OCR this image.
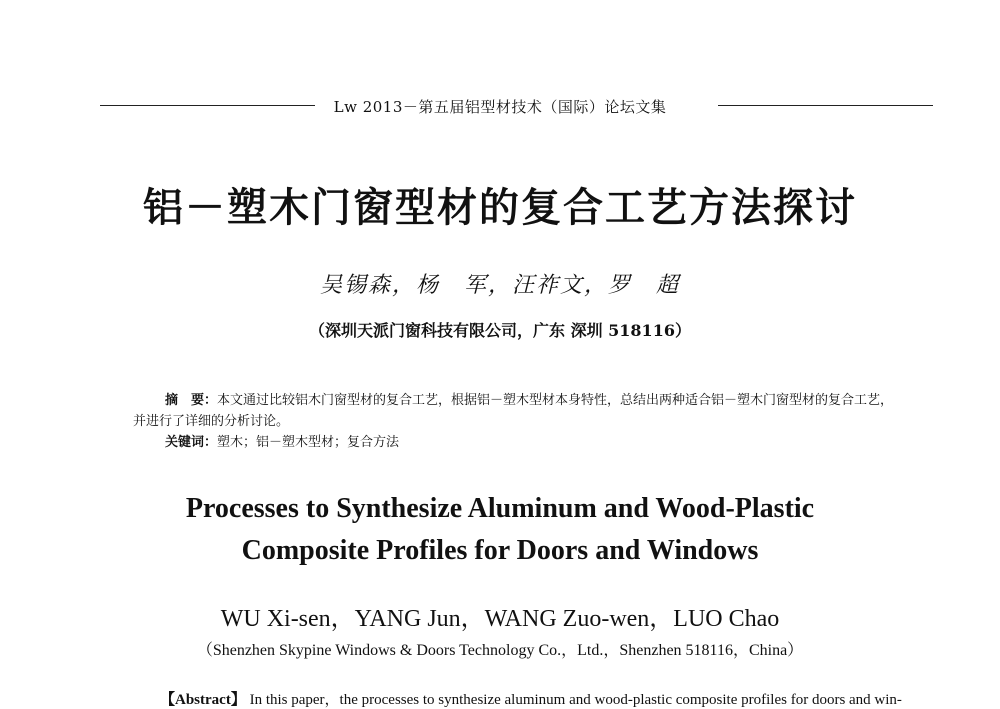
Lw 2013－第五届铝型材技术（国际）论坛文集
铝－塑木门窗型材的复合工艺方法探讨
吴锡森，杨　军，汪祚文，罗　超
（深圳天派门窗科技有限公司，广东 深圳 518116）

摘　要：本文通过比较铝木门窗型材的复合工艺，根据铝－塑木型材本身特性，总结出两种适合铝－塑木门窗型材的复合工艺，并进行了详细的分析讨论。

关键词：塑木；铝－塑木型材；复合方法

Processes to Synthesize Aluminum and Wood-Plastic
Composite Profiles for Doors and Windows
WU Xi-sen，YANG Jun，WANG Zuo-wen，LUO Chao
（Shenzhen Skypine Windows & Doors Technology Co.，Ltd.，Shenzhen 518116，China）
【Abstract】 In this paper，the processes to synthesize aluminum and wood-plastic composite profiles for doors and win-
